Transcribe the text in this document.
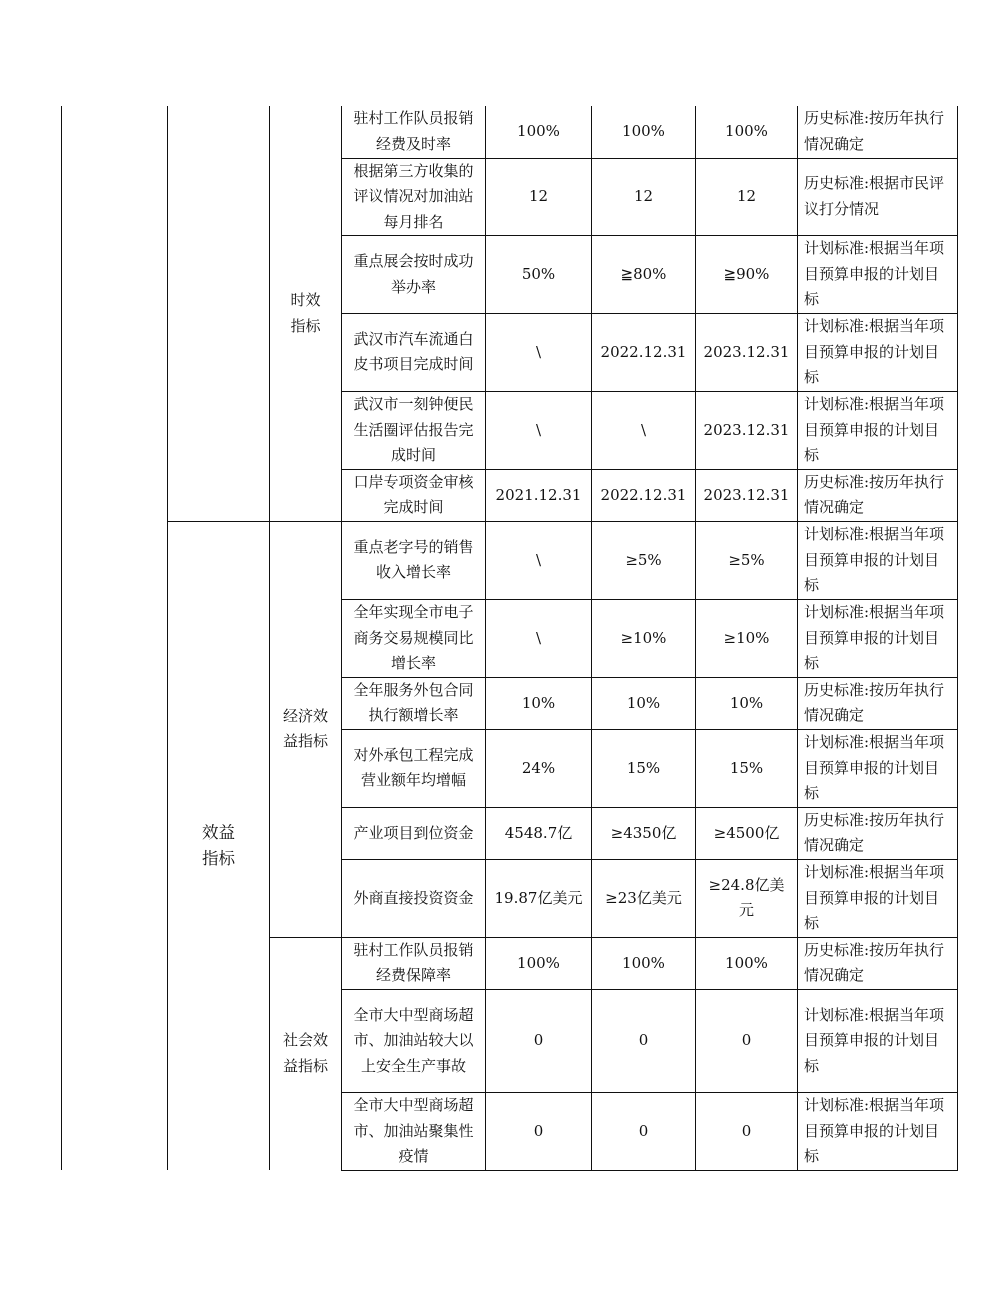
		时效指标	驻村工作队员报销经费及时率	100%	100%	100%	历史标准:按历年执行情况确定
			根据第三方收集的评议情况对加油站每月排名	12	12	12	历史标准:根据市民评议打分情况
			重点展会按时成功举办率	50%	≧80%	≧90%	计划标准:根据当年项目预算申报的计划目标
			武汉市汽车流通白皮书项目完成时间	\	2022.12.31	2023.12.31	计划标准:根据当年项目预算申报的计划目标
			武汉市一刻钟便民生活圈评估报告完成时间	\	\	2023.12.31	计划标准:根据当年项目预算申报的计划目标
			口岸专项资金审核完成时间	2021.12.31	2022.12.31	2023.12.31	历史标准:按历年执行情况确定
	效益指标	经济效益指标	重点老字号的销售收入增长率	\	≥5%	≥5%	计划标准:根据当年项目预算申报的计划目标
			全年实现全市电子商务交易规模同比增长率	\	≥10%	≥10%	计划标准:根据当年项目预算申报的计划目标
			全年服务外包合同执行额增长率	10%	10%	10%	历史标准:按历年执行情况确定
			对外承包工程完成营业额年均增幅	24%	15%	15%	计划标准:根据当年项目预算申报的计划目标
			产业项目到位资金	4548.7亿	≥4350亿	≥4500亿	历史标准:按历年执行情况确定
			外商直接投资资金	19.87亿美元	≥23亿美元	≥24.8亿美元	计划标准:根据当年项目预算申报的计划目标
		社会效益指标	驻村工作队员报销经费保障率	100%	100%	100%	历史标准:按历年执行情况确定
			全市大中型商场超市、加油站较大以上安全生产事故	0	0	0	计划标准:根据当年项目预算申报的计划目标
			全市大中型商场超市、加油站聚集性疫情	0	0	0	计划标准:根据当年项目预算申报的计划目标
